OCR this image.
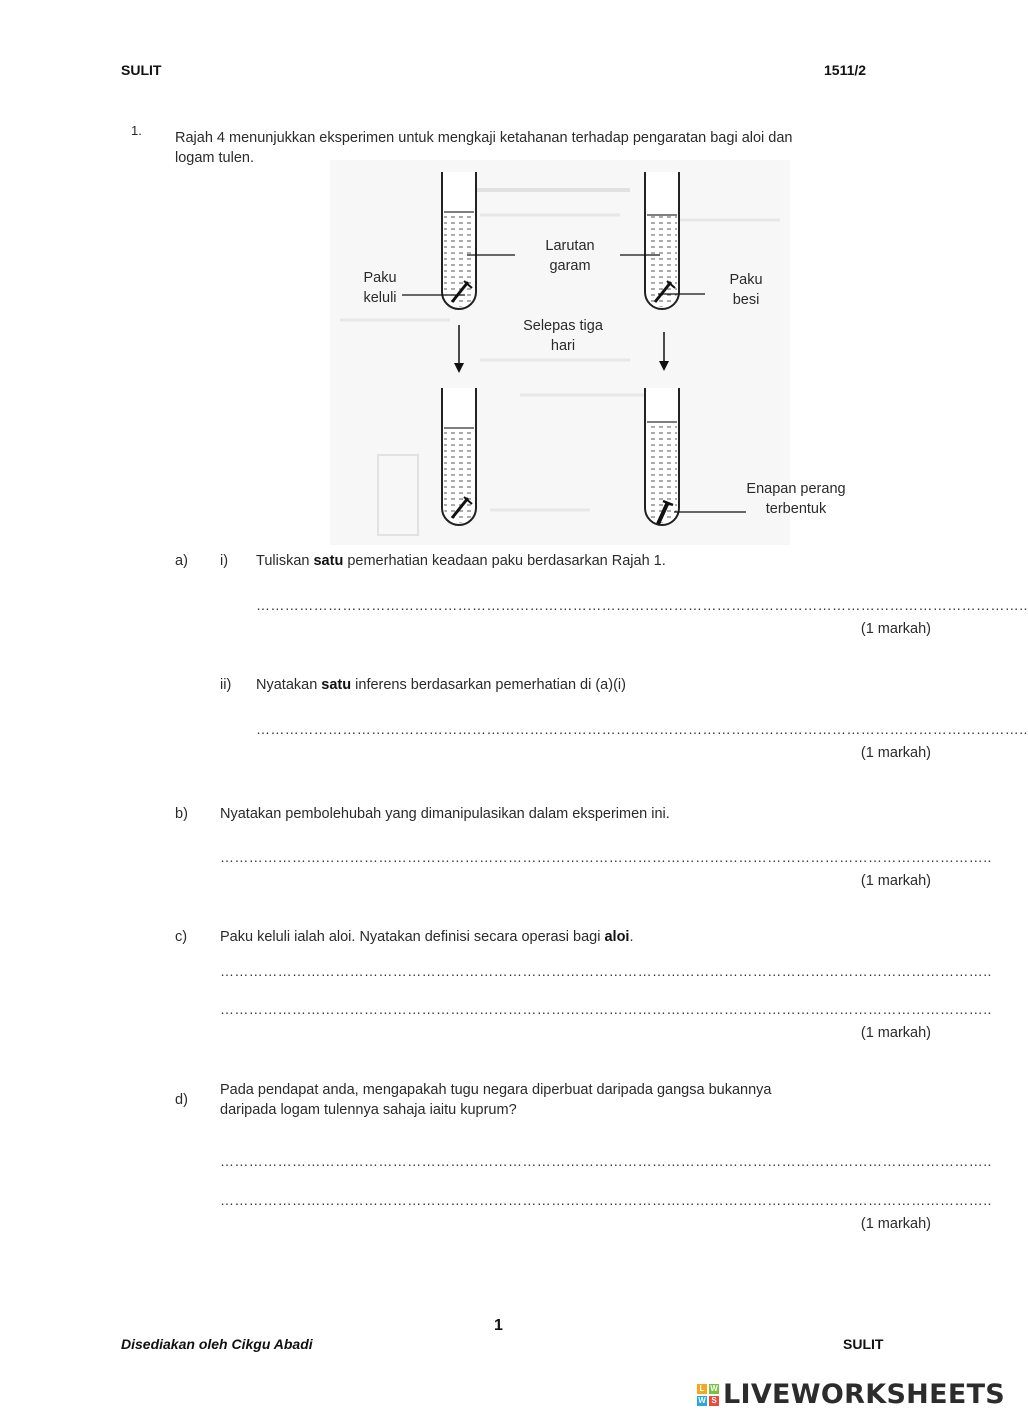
SULIT	1511/2
1. Rajah 4 menunjukkan eksperimen untuk mengkaji ketahanan terhadap pengaratan bagi aloi dan
logam tulen.
Larutan
garam
Paku
keluli
Paku
besi
Selepas tiga
hari
Enapan perang
terbentuk
a) i) Tuliskan satu pemerhatian keadaan paku berdasarkan Rajah 1.
……………………………………………………………………………………………………………………………………………..
(1 markah)
ii) Nyatakan satu inferens berdasarkan pemerhatian di (a)(i)
……………………………………………………………………………………………………………………………………………..
(1 markah)
b) Nyatakan pembolehubah yang dimanipulasikan dalam eksperimen ini.
……………………………………………………………………………………………………………………………………………..
(1 markah)
c) Paku keluli ialah aloi. Nyatakan definisi secara operasi bagi aloi.
……………………………………………………………………………………………………………………………………………..
……………………………………………………………………………………………………………………………………………..
(1 markah)
d)
Pada pendapat anda, mengapakah tugu negara diperbuat daripada gangsa bukannya
daripada logam tulennya sahaja iaitu kuprum?
……………………………………………………………………………………………………………………………………………..
……………………………………………………………………………………………………………………………………………..
(1 markah)
1
Disediakan oleh Cikgu Abadi	SULIT
L W
W S LIVEWORKSHEETS
